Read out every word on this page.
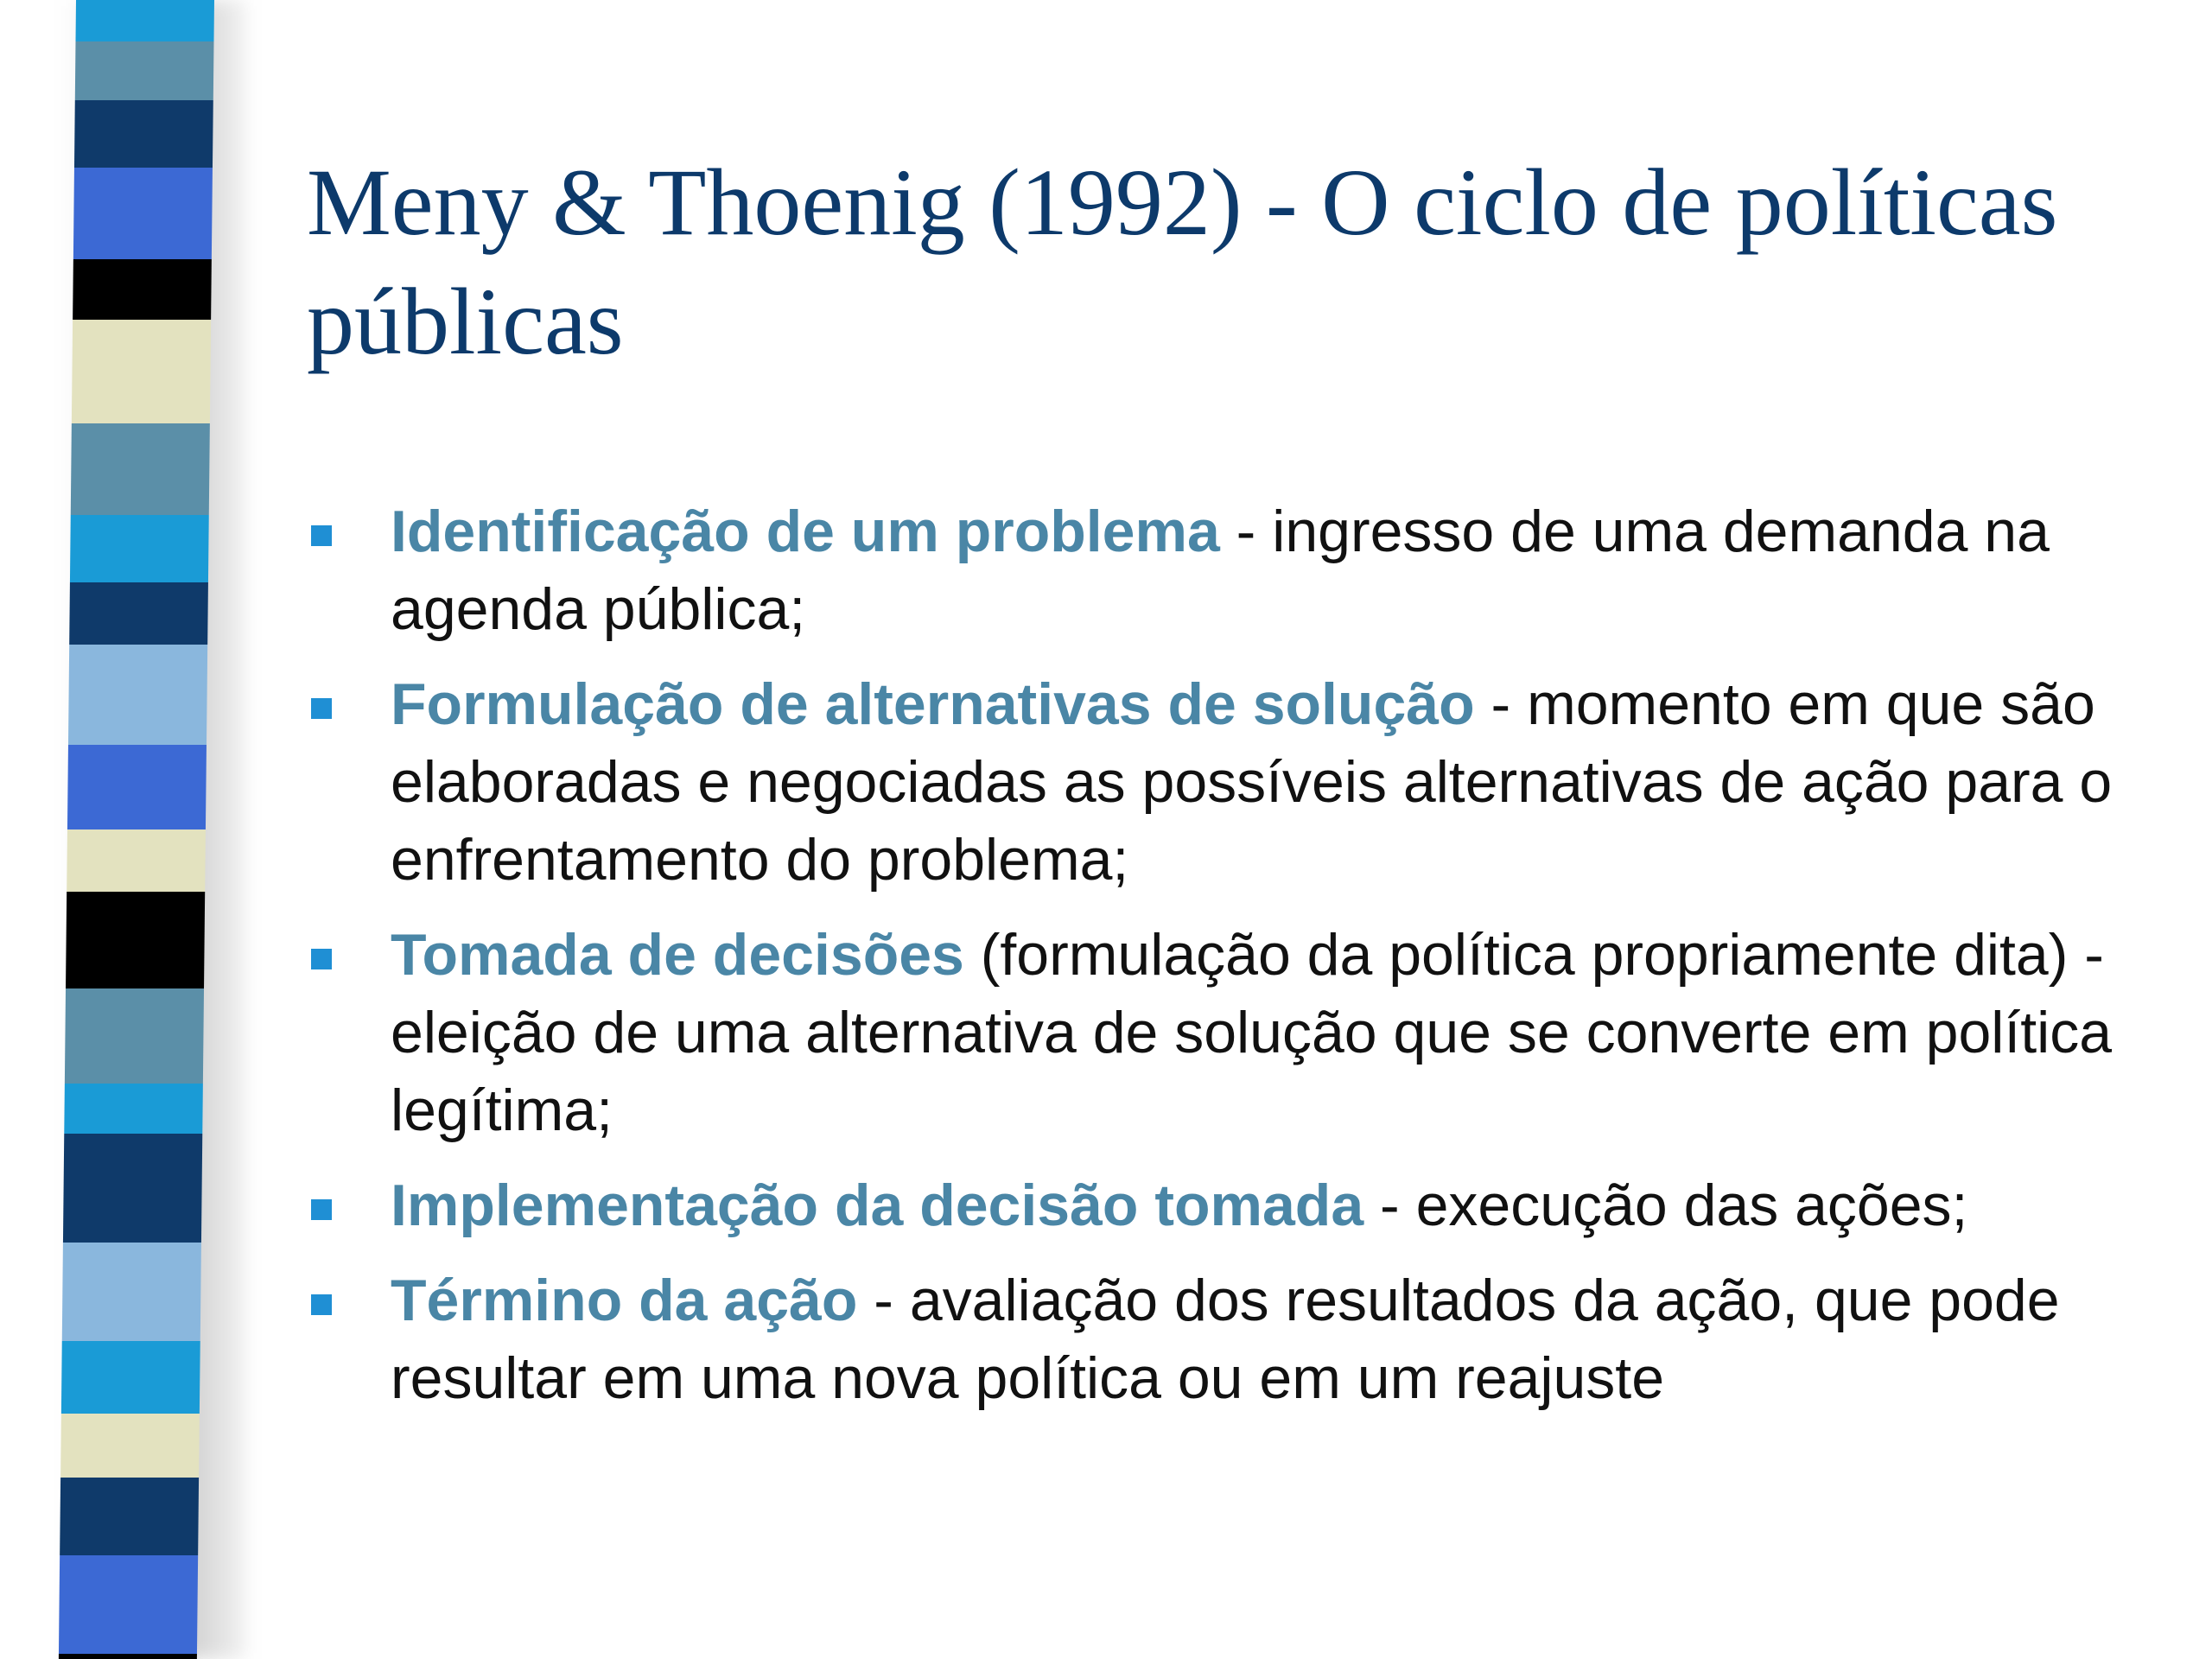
Meny & Thoenig (1992) - O ciclo de políticas públicas
Identificação de um problema - ingresso de uma demanda na agenda pública;
Formulação de alternativas de solução - momento em que são elaboradas e negociadas as possíveis alternativas de ação para o enfrentamento do problema;
Tomada de decisões (formulação da política propriamente dita) - eleição de uma alternativa de solução que se converte em política legítima;
Implementação da decisão tomada - execução das ações;
Término da ação - avaliação dos resultados da ação, que pode resultar em uma nova política ou em um reajuste
